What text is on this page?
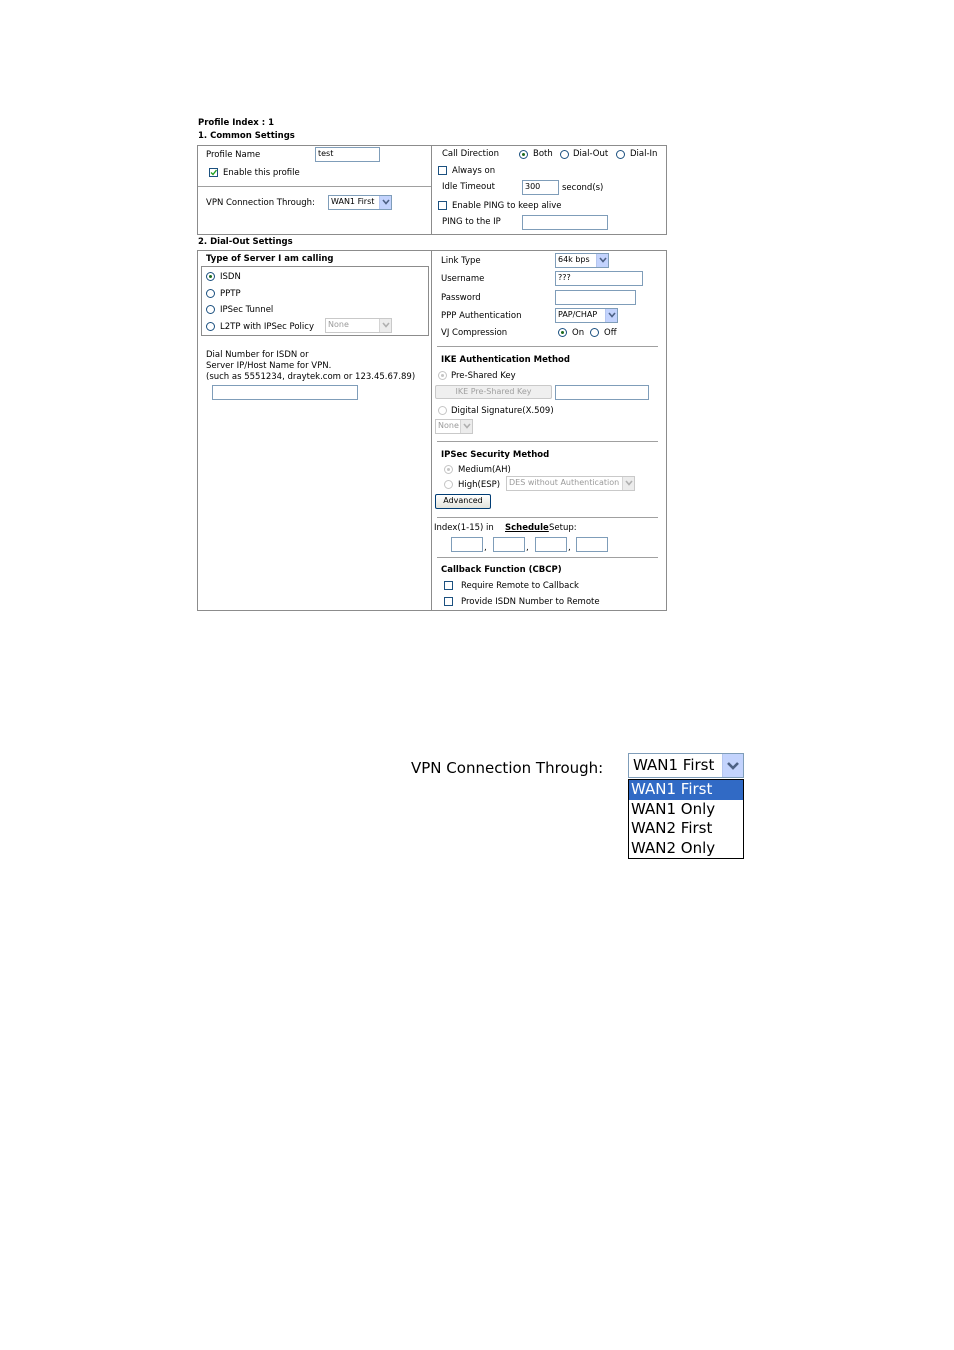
Profile Index : 1
1. Common Settings
Profile Name	test
Enable this profile
VPN Connection Through:	WAN1 First
Call Direction	Both Dial-Out	Dial-In
Always on
Idle Timeout	300	second(s)
Enable PING to keep alive
PING to the IP
2. Dial-Out Settings
Type of Server I am calling
ISDN
PPTP
IPSec Tunnel
L2TP with IPSec Policy	None
Dial Number for ISDN or
Server IP/Host Name for VPN.
(such as 5551234, draytek.com or 123.45.67.89)
Link Type	64k bps
Username	???
Password
PPP Authentication	PAP/CHAP
VJ Compression	On Off
IKE Authentication Method
Pre-Shared Key
IKE Pre-Shared Key
Digital Signature(X.509)
None
IPSec Security Method
Medium(AH)
High(ESP)	DES without Authentication
Advanced
Index(1-15) in Schedule Setup:
,	,	,
Callback Function (CBCP)
Require Remote to Callback
Provide ISDN Number to Remote
VPN Connection Through:	WAN1 First
WAN1 First
WAN1 Only
WAN2 First
WAN2 Only
